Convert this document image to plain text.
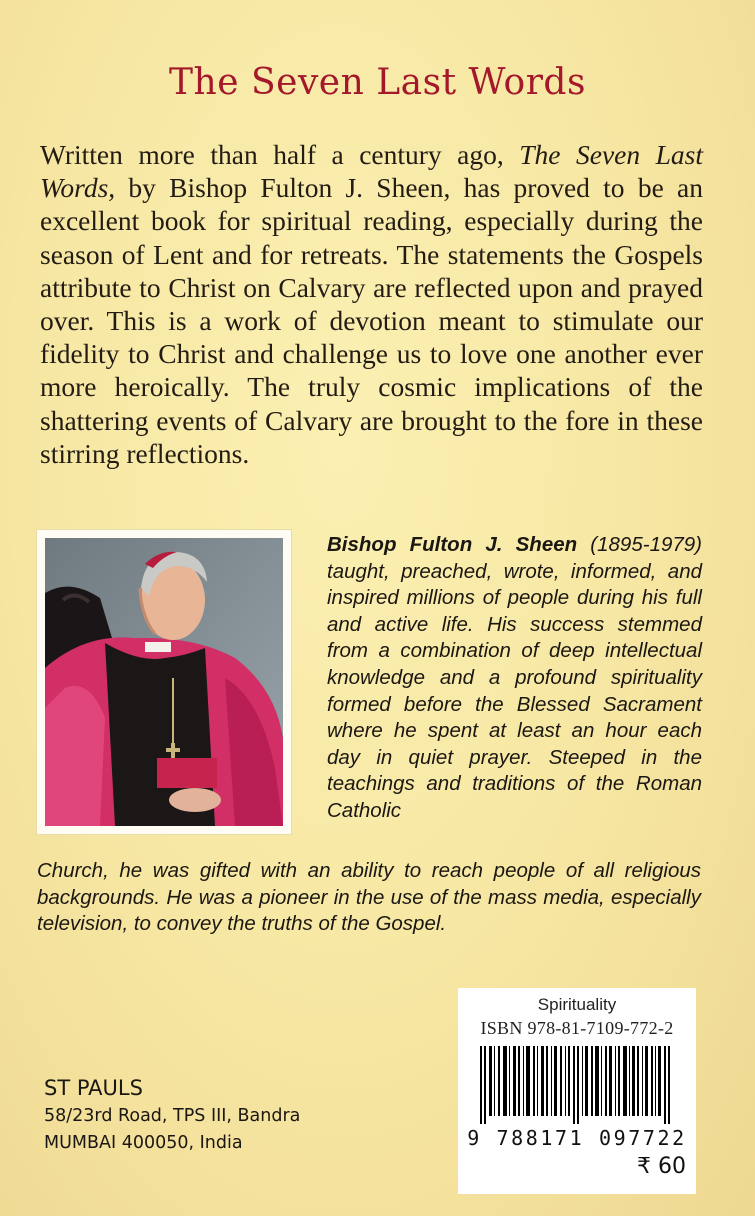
The Seven Last Words

Written more than half a century ago, The Seven Last Words, by Bishop Fulton J. Sheen, has proved to be an excellent book for spiritual reading, especially during the season of Lent and for retreats. The statements the Gospels attribute to Christ on Calvary are reflected upon and prayed over. This is a work of devotion meant to stimulate our fidelity to Christ and challenge us to love one another ever more heroically. The truly cosmic implications of the shattering events of Calvary are brought to the fore in these stirring reflections.

Bishop Fulton J. Sheen (1895-1979) taught, preached, wrote, informed, and inspired millions of people during his full and active life. His success stemmed from a combination of deep intellectual knowledge and a profound spirituality formed before the Blessed Sacrament where he spent at least an hour each day in quiet prayer. Steeped in the teachings and traditions of the Roman Catholic

Church, he was gifted with an ability to reach people of all religious backgrounds. He was a pioneer in the use of the mass media, especially television, to convey the truths of the Gospel.

ST PAULS
58/23rd Road, TPS III, Bandra
MUMBAI 400050, India
Spirituality
ISBN 978-81-7109-772-2
9 788171 097722
₹ 60
